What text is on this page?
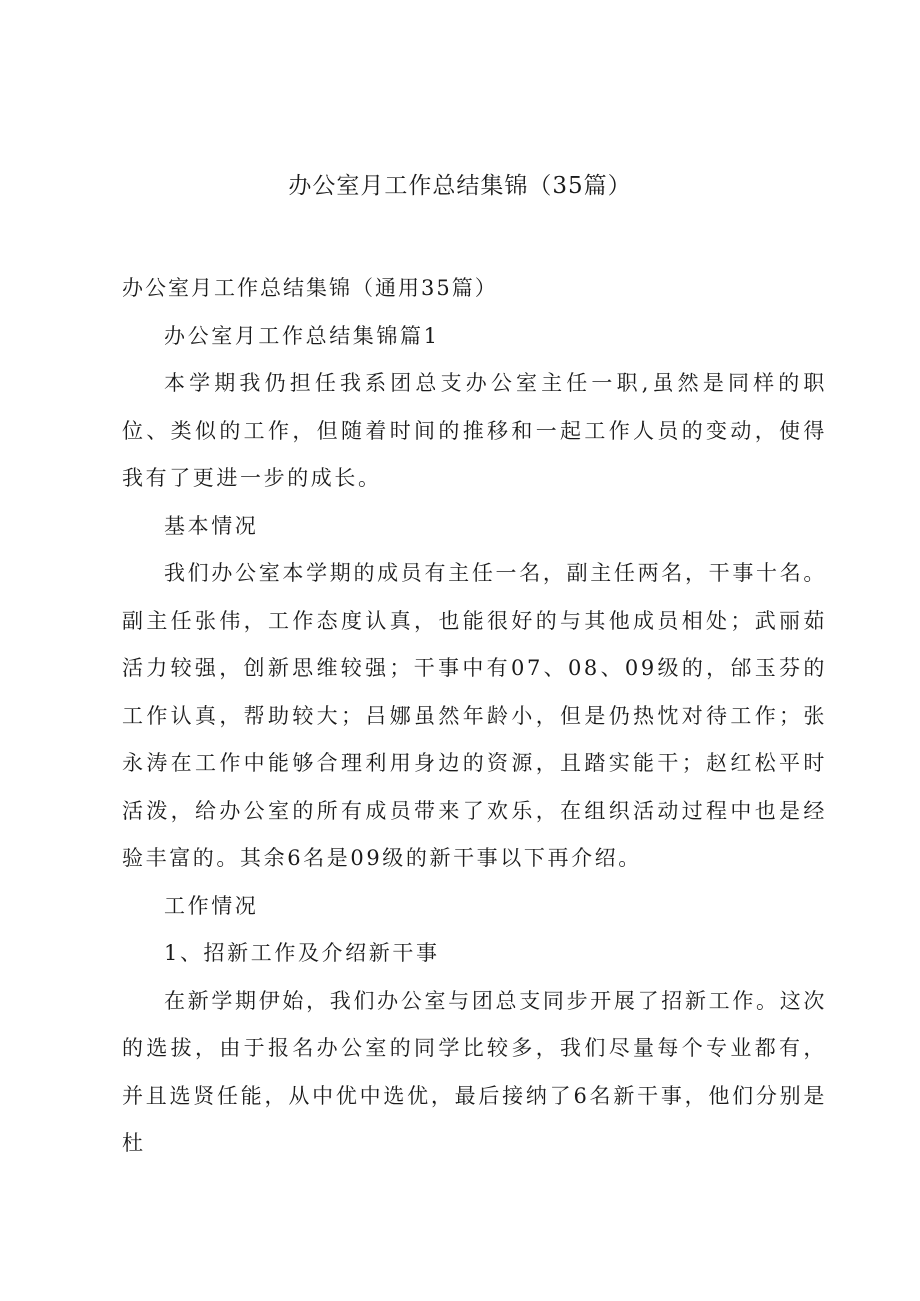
办公室月工作总结集锦（35篇）

办公室月工作总结集锦（通用35篇）

办公室月工作总结集锦篇1

本学期我仍担任我系团总支办公室主任一职,虽然是同样的职位、类似的工作，但随着时间的推移和一起工作人员的变动，使得我有了更进一步的成长。

基本情况

我们办公室本学期的成员有主任一名，副主任两名，干事十名。副主任张伟，工作态度认真，也能很好的与其他成员相处；武丽茹活力较强，创新思维较强；干事中有07、08、09级的，邰玉芬的工作认真，帮助较大；吕娜虽然年龄小，但是仍热忱对待工作；张永涛在工作中能够合理利用身边的资源，且踏实能干；赵红松平时活泼，给办公室的所有成员带来了欢乐，在组织活动过程中也是经验丰富的。其余6名是09级的新干事以下再介绍。

工作情况

1、招新工作及介绍新干事

在新学期伊始，我们办公室与团总支同步开展了招新工作。这次的选拔，由于报名办公室的同学比较多，我们尽量每个专业都有，并且选贤任能，从中优中选优，最后接纳了6名新干事，他们分别是杜
